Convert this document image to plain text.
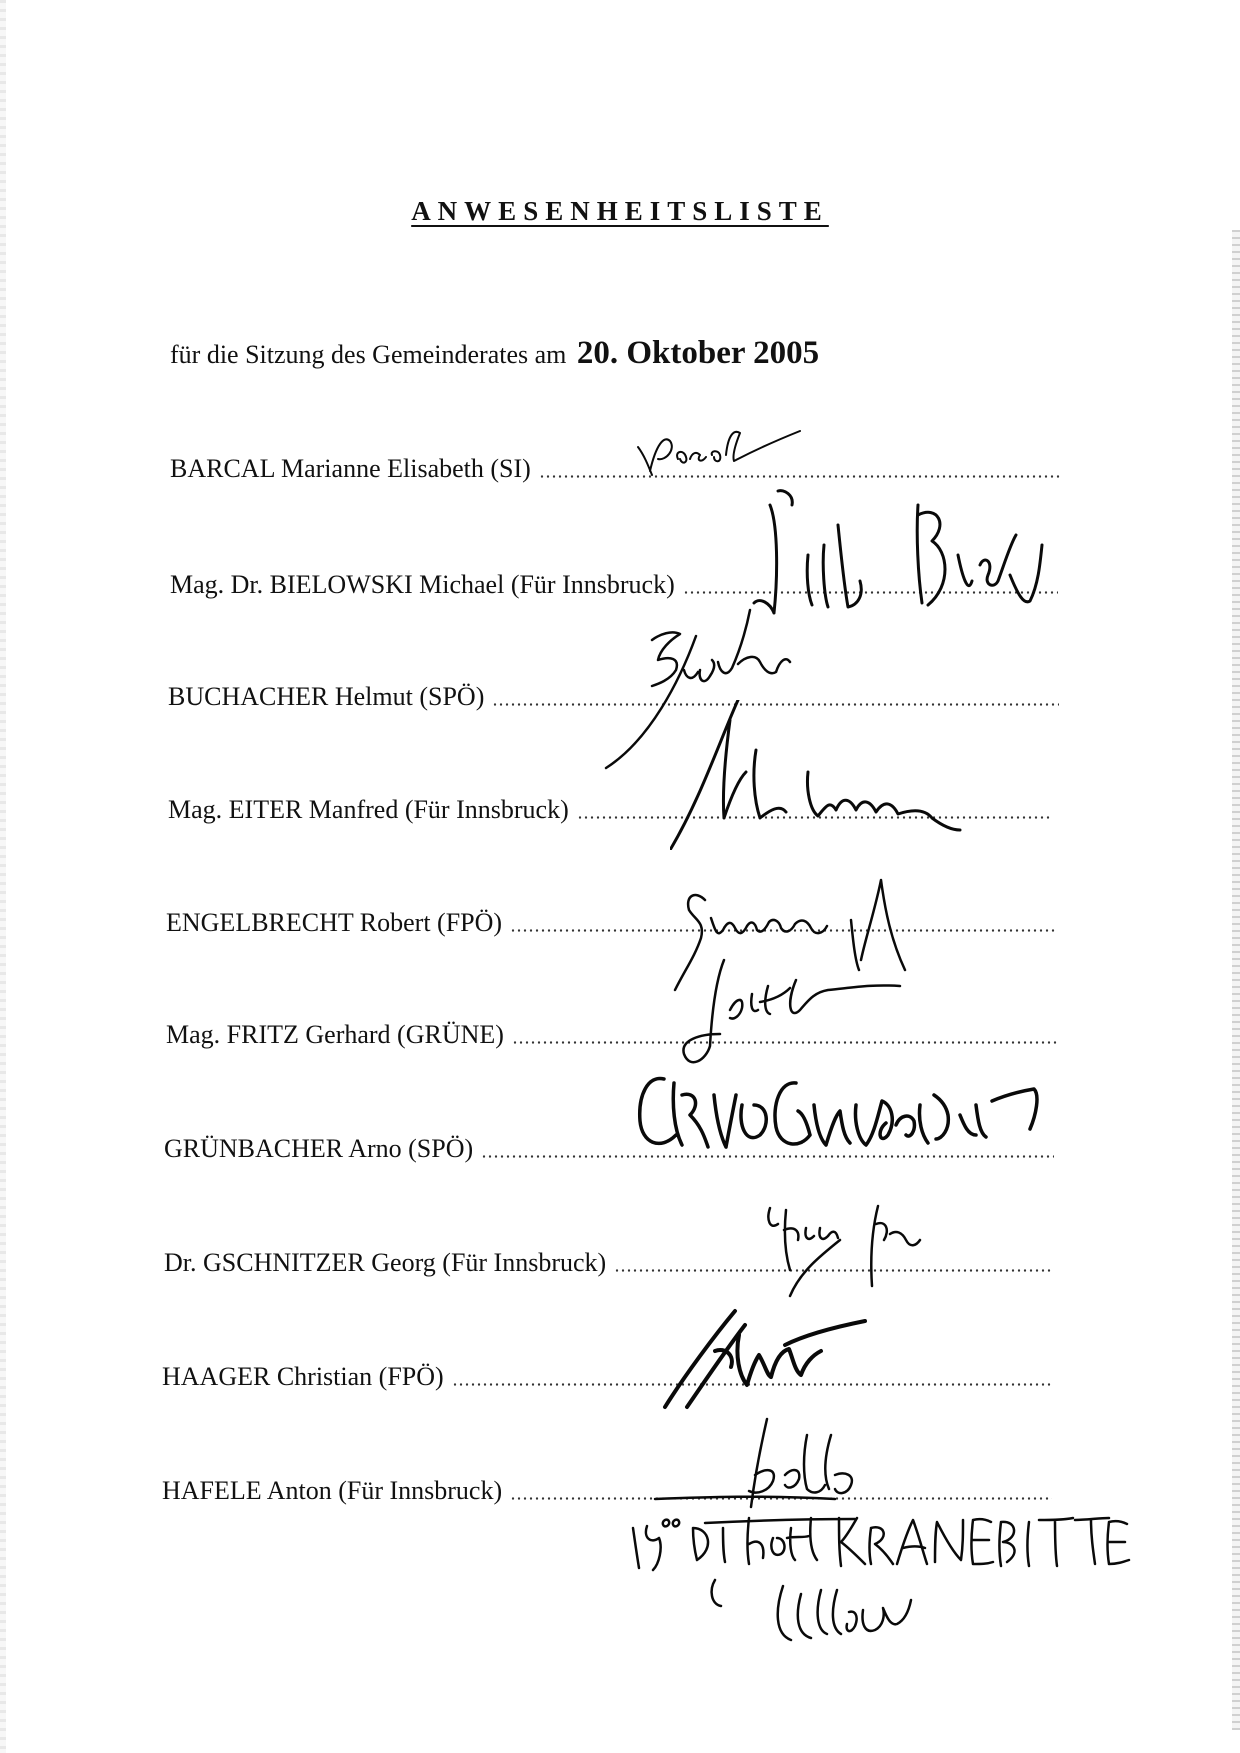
ANWESENHEITSLISTE
für die Sitzung des Gemeinderates am 20. Oktober 2005
BARCAL Marianne Elisabeth (SI)
Mag. Dr. BIELOWSKI Michael (Für Innsbruck)
BUCHACHER Helmut (SPÖ)
Mag. EITER Manfred (Für Innsbruck)
ENGELBRECHT Robert (FPÖ)
Mag. FRITZ Gerhard (GRÜNE)
GRÜNBACHER Arno (SPÖ)
Dr. GSCHNITZER Georg (Für Innsbruck)
HAAGER Christian (FPÖ)
HAFELE Anton (Für Innsbruck)
